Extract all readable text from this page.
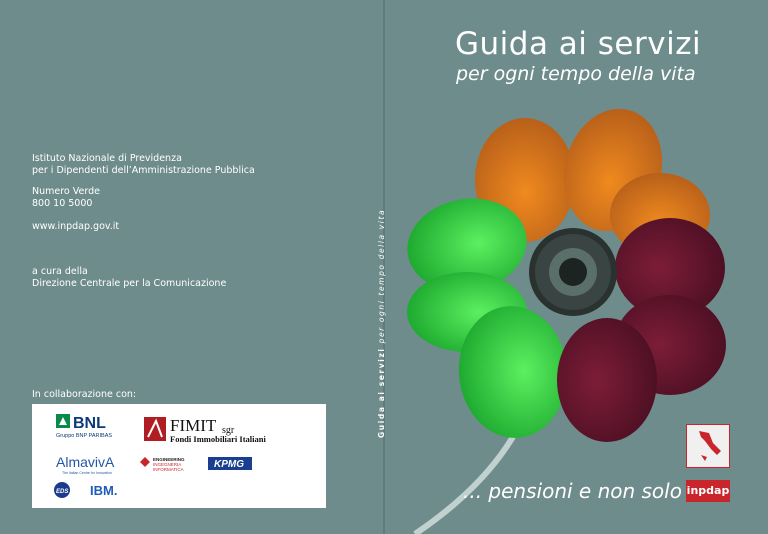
Istituto Nazionale di Previdenza
per i Dipendenti dell’Amministrazione Pubblica
Numero Verde
800 10 5000
www.inpdap.gov.it
a cura della
Direzione Centrale per la Comunicazione
In collaborazione con:
BNL
Gruppo BNP PARIBAS
FIMIT sgr
Fondi Immobiliari Italiani
AlmavivA
The Italian Centre for Innovation
ENGINEERING
INGEGNERIA
INFORMATICA	KPMG
EDS IBM.
Guida ai servizi per ogni tempo della vita
Guida ai servizi
per ogni tempo della vita
inpdap
... pensioni e non solo
